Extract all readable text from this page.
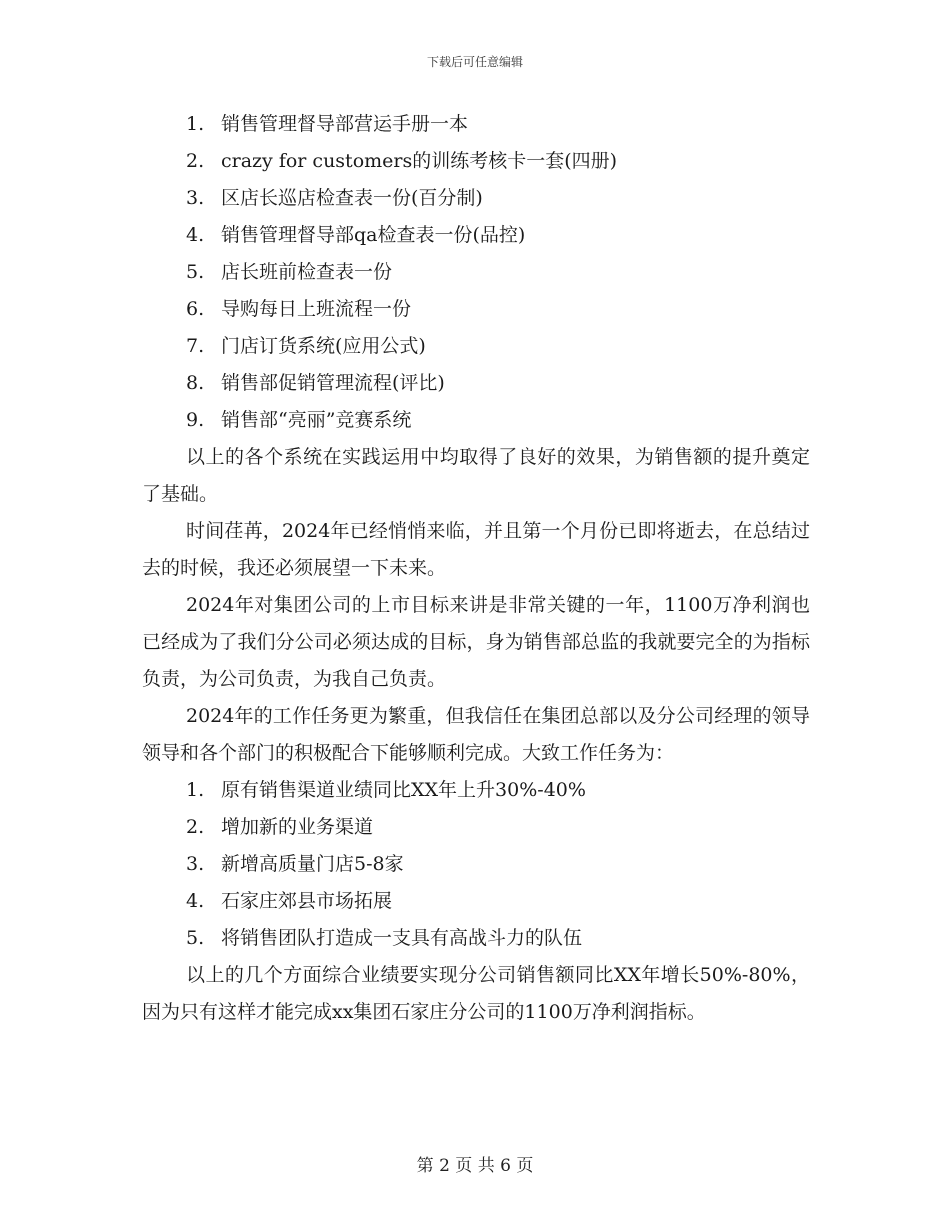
下载后可任意编辑
1. 销售管理督导部营运手册一本
2. crazy for customers的训练考核卡一套(四册)
3. 区店长巡店检查表一份(百分制)
4. 销售管理督导部qa检查表一份(品控)
5. 店长班前检查表一份
6. 导购每日上班流程一份
7. 门店订货系统(应用公式)
8. 销售部促销管理流程(评比)
9. 销售部“亮丽”竞赛系统

以上的各个系统在实践运用中均取得了良好的效果，为销售额的提升奠定了基础。

时间荏苒，2024年已经悄悄来临，并且第一个月份已即将逝去，在总结过去的时候，我还必须展望一下未来。

2024年对集团公司的上市目标来讲是非常关键的一年，1100万净利润也已经成为了我们分公司必须达成的目标，身为销售部总监的我就要完全的为指标负责，为公司负责，为我自己负责。

2024年的工作任务更为繁重，但我信任在集团总部以及分公司经理的领导领导和各个部门的积极配合下能够顺利完成。大致工作任务为：

1. 原有销售渠道业绩同比XX年上升30%-40%
2. 增加新的业务渠道
3. 新增高质量门店5-8家
4. 石家庄郊县市场拓展
5. 将销售团队打造成一支具有高战斗力的队伍

以上的几个方面综合业绩要实现分公司销售额同比XX年增长50%-80%，因为只有这样才能完成xx集团石家庄分公司的1100万净利润指标。

第 2 页 共 6 页
